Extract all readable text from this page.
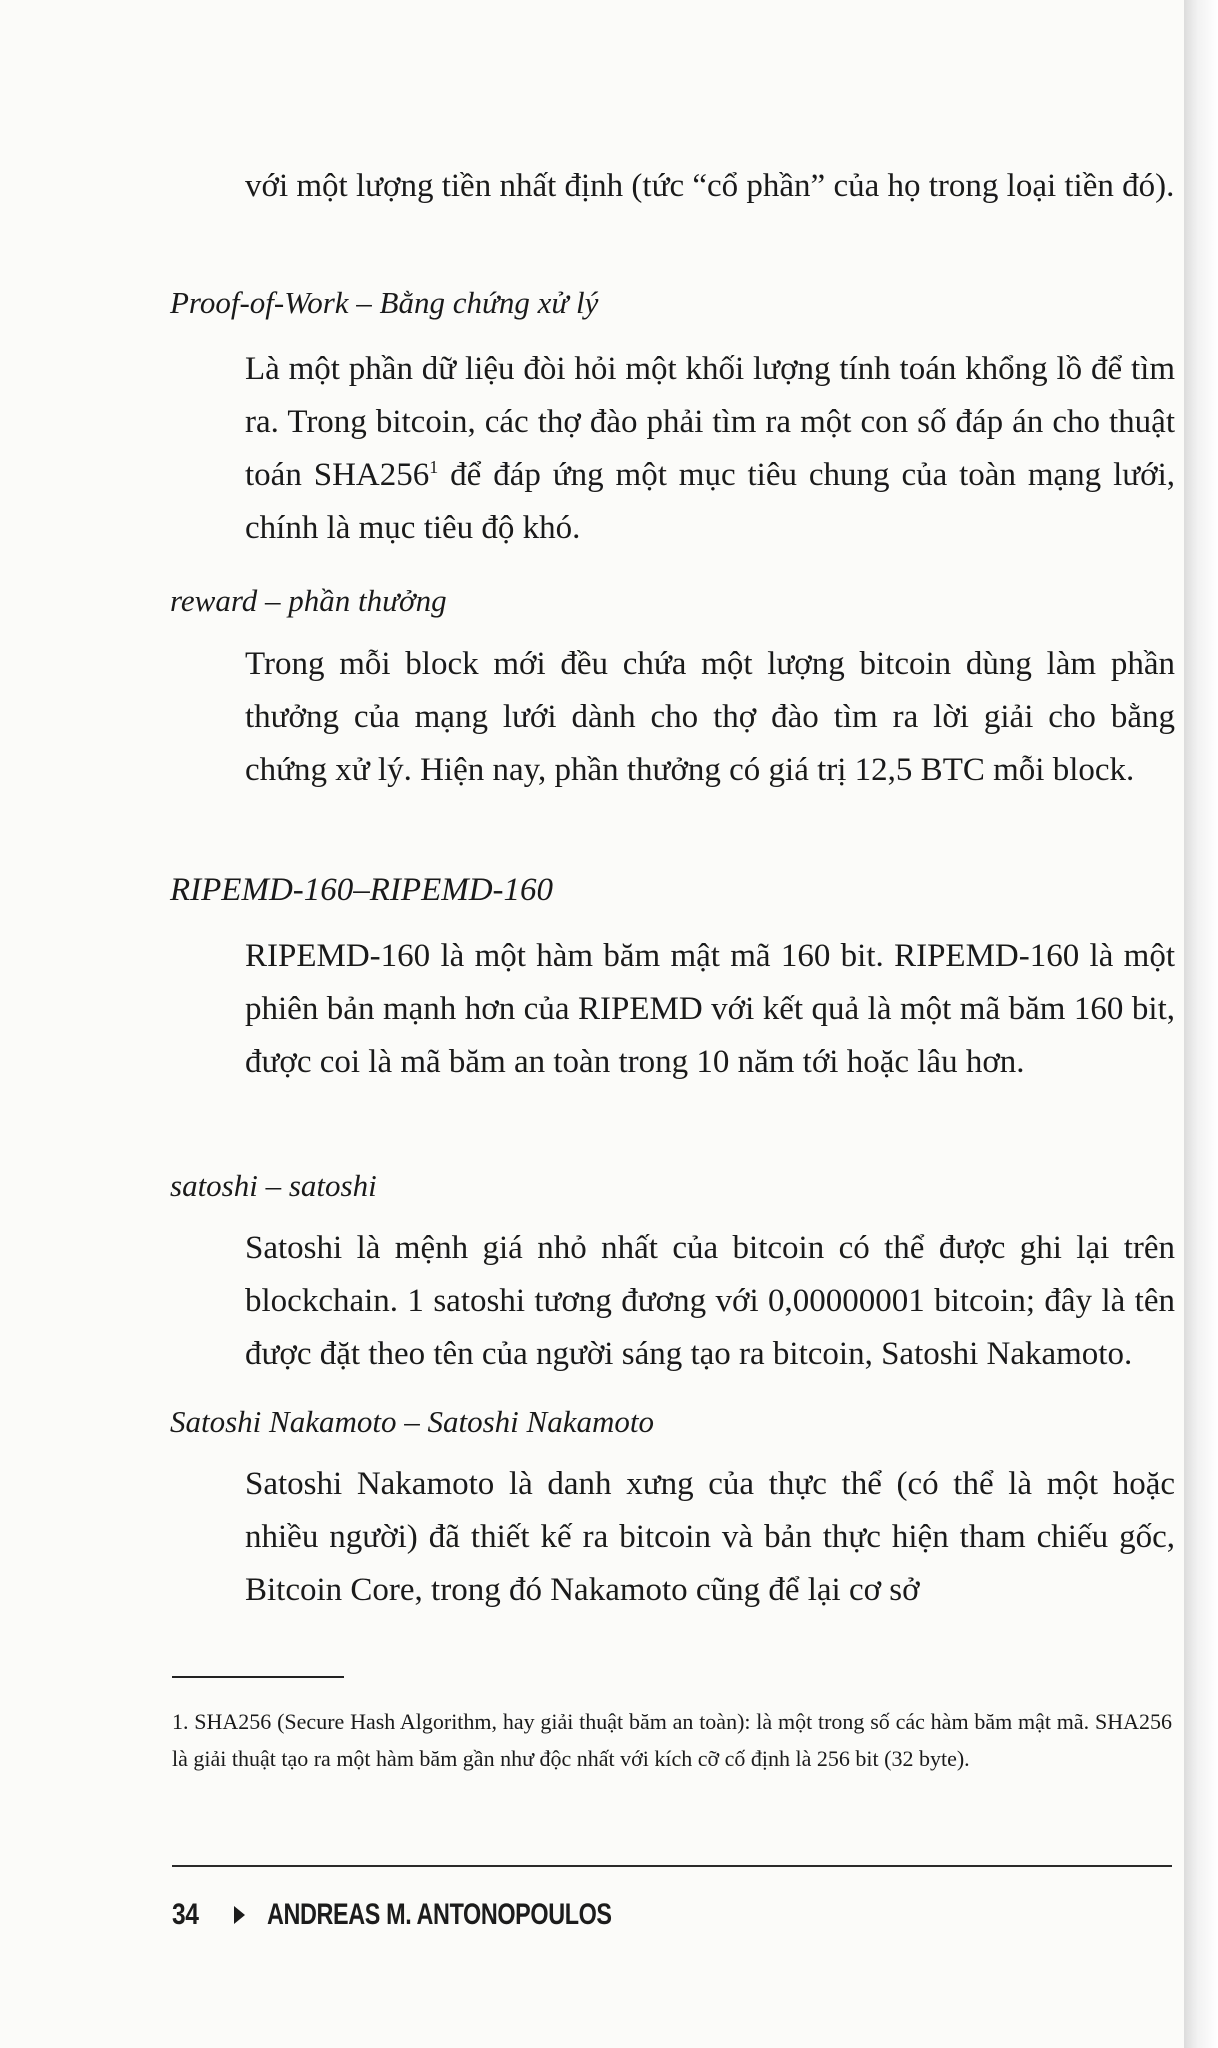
với một lượng tiền nhất định (tức “cổ phần” của họ trong loại tiền đó).

Proof-of-Work – Bằng chứng xử lý

Là một phần dữ liệu đòi hỏi một khối lượng tính toán khổng lồ để tìm ra. Trong bitcoin, các thợ đào phải tìm ra một con số đáp án cho thuật toán $SHA256^1$ để đáp ứng một mục tiêu chung của toàn mạng lưới, chính là mục tiêu độ khó.

reward – phần thưởng

Trong mỗi block mới đều chứa một lượng bitcoin dùng làm phần thưởng của mạng lưới dành cho thợ đào tìm ra lời giải cho bằng chứng xử lý. Hiện nay, phần thưởng có giá trị 12,5 BTC mỗi block.

RIPEMD-160–RIPEMD-160

RIPEMD-160 là một hàm băm mật mã 160 bit. RIPEMD-160 là một phiên bản mạnh hơn của RIPEMD với kết quả là một mã băm 160 bit, được coi là mã băm an toàn trong 10 năm tới hoặc lâu hơn.

satoshi – satoshi

Satoshi là mệnh giá nhỏ nhất của bitcoin có thể được ghi lại trên blockchain. 1 satoshi tương đương với 0,00000001 bitcoin; đây là tên được đặt theo tên của người sáng tạo ra bitcoin, Satoshi Nakamoto.

Satoshi Nakamoto – Satoshi Nakamoto

Satoshi Nakamoto là danh xưng của thực thể (có thể là một hoặc nhiều người) đã thiết kế ra bitcoin và bản thực hiện tham chiếu gốc, Bitcoin Core, trong đó Nakamoto cũng để lại cơ sở

1. SHA256 (Secure Hash Algorithm, hay giải thuật băm an toàn): là một trong số các hàm băm mật mã. SHA256 là giải thuật tạo ra một hàm băm gần như độc nhất với kích cỡ cố định là 256 bit (32 byte).

34 ANDREAS M. ANTONOPOULOS
